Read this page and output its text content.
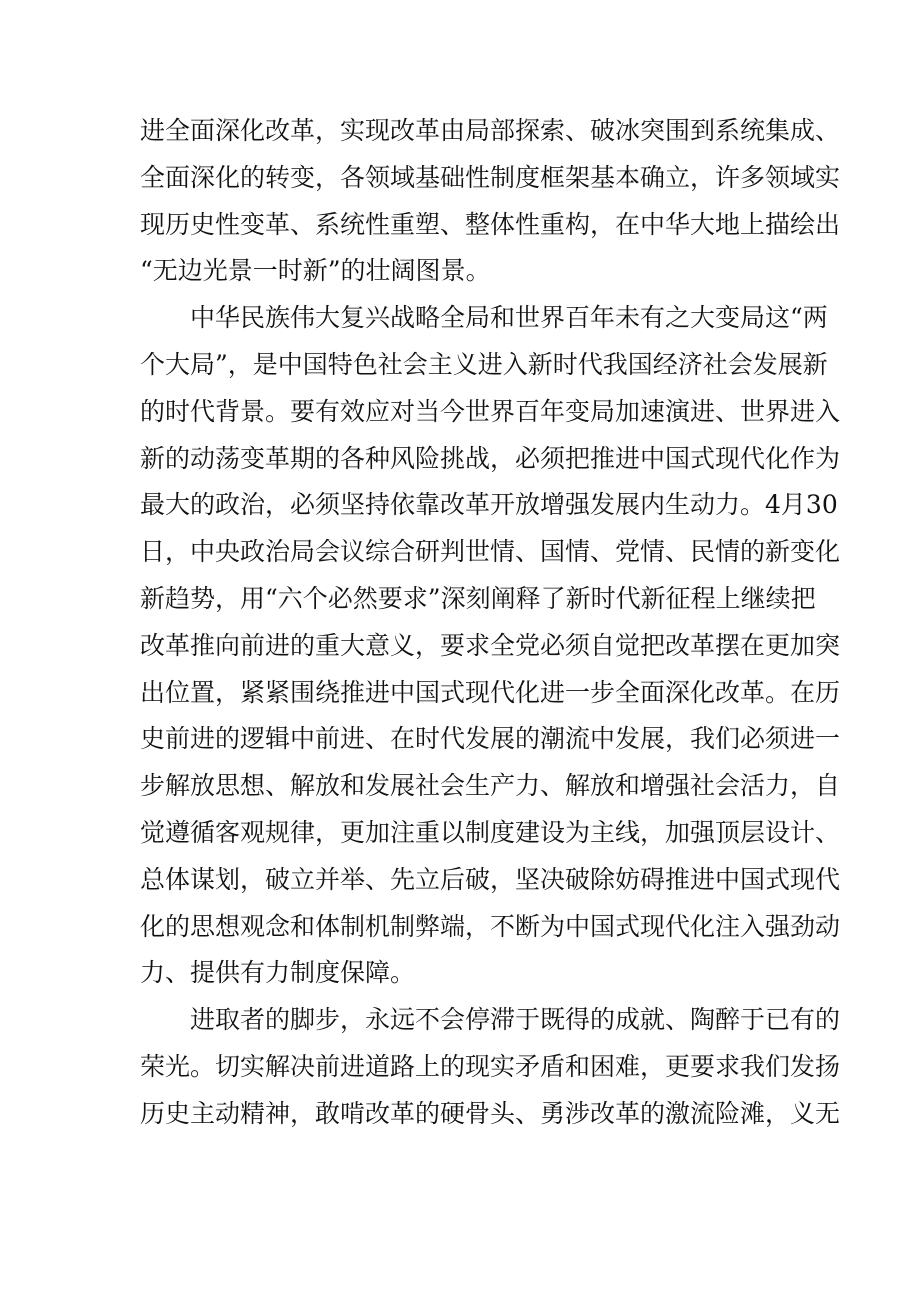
进全面深化改革，实现改革由局部探索、破冰突围到系统集成、
全面深化的转变，各领域基础性制度框架基本确立，许多领域实
现历史性变革、系统性重塑、整体性重构，在中华大地上描绘出
“无边光景一时新”的壮阔图景。
中华民族伟大复兴战略全局和世界百年未有之大变局这“两
个大局”，是中国特色社会主义进入新时代我国经济社会发展新
的时代背景。要有效应对当今世界百年变局加速演进、世界进入
新的动荡变革期的各种风险挑战，必须把推进中国式现代化作为
最大的政治，必须坚持依靠改革开放增强发展内生动力。4月30
日，中央政治局会议综合研判世情、国情、党情、民情的新变化
新趋势，用“六个必然要求”深刻阐释了新时代新征程上继续把
改革推向前进的重大意义，要求全党必须自觉把改革摆在更加突
出位置，紧紧围绕推进中国式现代化进一步全面深化改革。在历
史前进的逻辑中前进、在时代发展的潮流中发展，我们必须进一
步解放思想、解放和发展社会生产力、解放和增强社会活力，自
觉遵循客观规律，更加注重以制度建设为主线，加强顶层设计、
总体谋划，破立并举、先立后破，坚决破除妨碍推进中国式现代
化的思想观念和体制机制弊端，不断为中国式现代化注入强劲动
力、提供有力制度保障。
进取者的脚步，永远不会停滞于既得的成就、陶醉于已有的
荣光。切实解决前进道路上的现实矛盾和困难，更要求我们发扬
历史主动精神，敢啃改革的硬骨头、勇涉改革的激流险滩，义无
